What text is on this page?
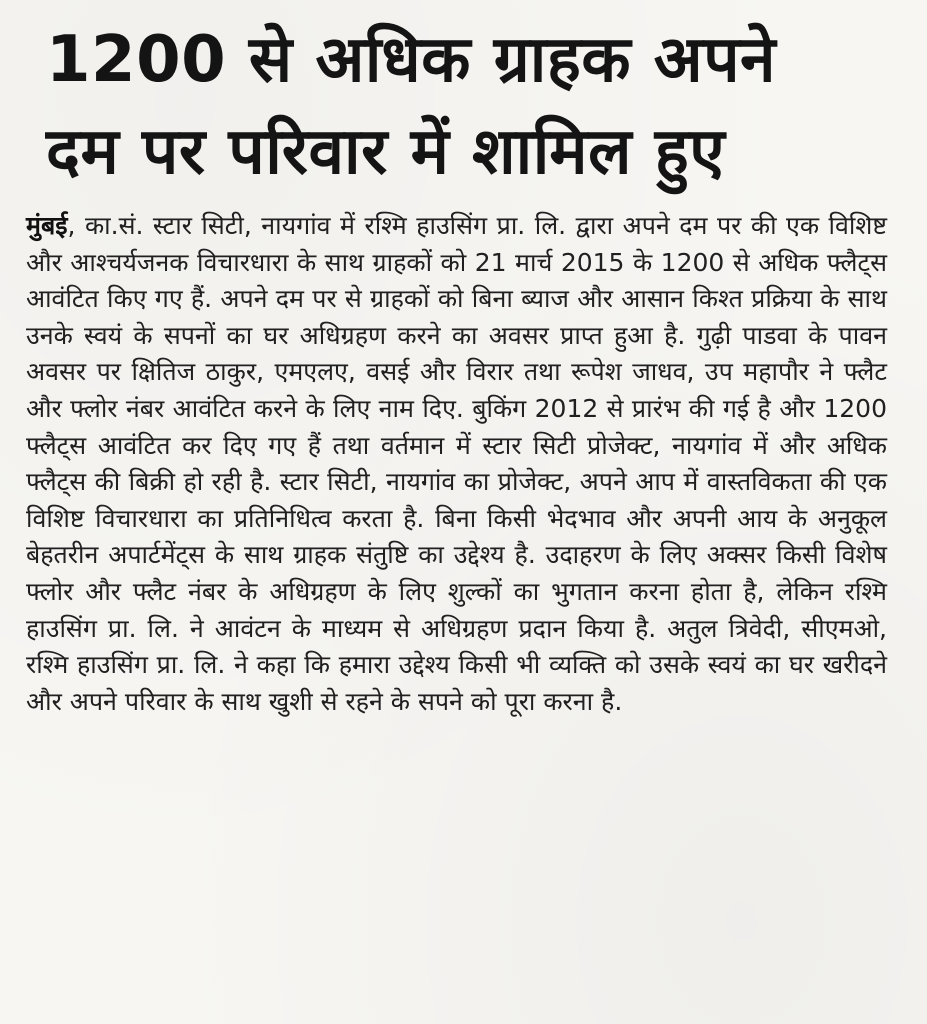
1200 से अधिक ग्राहक अपने
दम पर परिवार में शामिल हुए

मुंबई, का.सं. स्टार सिटी, नायगांव में रश्मि हाउसिंग प्रा. लि. द्वारा अपने दम पर की एक विशिष्ट और आश्चर्यजनक विचारधारा के साथ ग्राहकों को 21 मार्च 2015 के 1200 से अधिक फ्लैट्स आवंटित किए गए हैं. अपने दम पर से ग्राहकों को बिना ब्याज और आसान किश्त प्रक्रिया के साथ उनके स्वयं के सपनों का घर अधिग्रहण करने का अवसर प्राप्त हुआ है. गुढ़ी पाडवा के पावन अवसर पर क्षितिज ठाकुर, एमएलए, वसई और विरार तथा रूपेश जाधव, उप महापौर ने फ्लैट और फ्लोर नंबर आवंटित करने के लिए नाम दिए. बुकिंग 2012 से प्रारंभ की गई है और 1200 फ्लैट्स आवंटित कर दिए गए हैं तथा वर्तमान में स्टार सिटी प्रोजेक्ट, नायगांव में और अधिक फ्लैट्स की बिक्री हो रही है. स्टार सिटी, नायगांव का प्रोजेक्ट, अपने आप में वास्तविकता की एक विशिष्ट विचारधारा का प्रतिनिधित्व करता है. बिना किसी भेदभाव और अपनी आय के अनुकूल बेहतरीन अपार्टमेंट्स के साथ ग्राहक संतुष्टि का उद्देश्य है. उदाहरण के लिए अक्सर किसी विशेष फ्लोर और फ्लैट नंबर के अधिग्रहण के लिए शुल्कों का भुगतान करना होता है, लेकिन रश्मि हाउसिंग प्रा. लि. ने आवंटन के माध्यम से अधिग्रहण प्रदान किया है. अतुल त्रिवेदी, सीएमओ, रश्मि हाउसिंग प्रा. लि. ने कहा कि हमारा उद्देश्य किसी भी व्यक्ति को उसके स्वयं का घर खरीदने और अपने परिवार के साथ खुशी से रहने के सपने को पूरा करना है.
